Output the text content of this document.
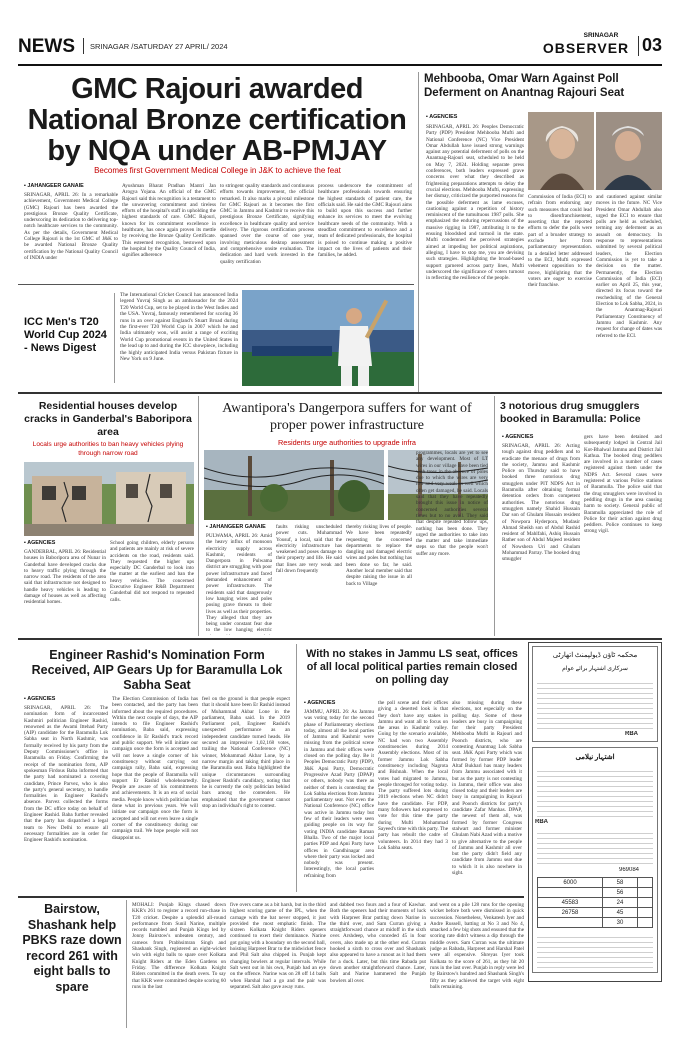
NEWS	SRINAGAR /SATURDAY 27 APRIL/ 2024
SRINAGAR
OBSERVER 03
GMC Rajouri awarded National Bronze certification by NQA under AB-PMJAY
Becomes first Government Medical College in J&K to achieve the feat
▪ JAHANGEER GANAIE
SRINAGAR, APRIL 26: In a remarkable achievement, Government Medical College (GMC) Rajouri has been awarded the prestigious Bronze Quality Certificate, underscoring its dedication to delivering top-notch healthcare services to the community. As per the details, Government Medical College Rajouri is the 1st GMC of J&K to be awarded National Bronze Quality certification by the National Quality Council of INDIA under
Ayushman Bharat Pradhan Mantri Jan Arogya Yojana. An official of the GMC Rajouri said this recognition is a testament to the unwavering commitment and tireless efforts of the hospital's staff in upholding the highest standards of care. GMC Rajouri, known for its commitment excellence in healthcare, has once again proven its mettle by receiving the Bronze Quality Certificate. This esteemed recognition, bestowed upon the hospital by the Quality Council of India, signifies adherence
to stringent quality standards and continuous efforts towards improvement, the official remarked. It also marks a pivotal milestone for GMC Rajouri as it becomes the first GMC in Jammu and Kashmir to receive this prestigious Bronze Certificate, signifying excellence in healthcare quality and service delivery. The rigorous certification process spanned over the course of one year, involving meticulous desktop assessment and comprehensive onsite evaluation. The dedication and hard work invested in the quality certification
process underscore the commitment of healthcare professionals towards ensuring the highest standards of patient care, the officials said. He said the GMC Rajouri aims to build upon this success and further enhance its services to meet the evolving healthcare needs of the community. With a steadfast commitment to excellence and a team of dedicated professionals, the hospital is poised to continue making a positive impact on the lives of patients and their families, he added.
Mehbooba, Omar Warn Against Poll Deferment on Anantnag Rajouri Seat
▪ AGENCIES
SRINAGAR, APRIL 26: Peoples Democratic Party (PDP) President Mehbooba Mufti and National Conference (NC) Vice President Omar Abdullah have issued strong warnings against any potential deferment of polls on the Anantnag-Rajouri seat, scheduled to be held on May 7, 2024. Holding separate press conferences, both leaders expressed grave concerns over what they described as frightening preparations attempts to delay the crucial elections. Mehbooba Mufti, expressing her dismay, criticized the purported reasons for the possible deferment as lame excuses, cautioning against a repetition of history reminiscent of the tumultuous 1987 polls. She emphasized the enduring repercussions of the massive rigging in 1987, attributing it to the ensuing bloodshed and turmoil in the state. Mufti condemned the perceived strategies aimed at impeding her political aspirations, alleging, I have to stop me, you are devising such strategies. Highlighting the broad-based support garnered across party lines, Mufti underscored the significance of voters turnout in reflecting the resilience of the people.
Commission of India (ECI) to refrain from endorsing any such measures that could lead to disenfranchisement, asserting that the reported efforts to defer the polls were part of a broader strategy to exclude her from parliamentary representation. In a detailed letter addressed to the ECI, Mufti expressed vehement opposition to the move, highlighting that the voters are eager to exercise their franchise.
and cautioned against similar moves in the future. NC Vice President Omar Abdullah also urged the ECI to ensure that polls are held as scheduled, terming any deferment as an assault on democracy. In response to representations submitted by several political leaders, the Election Commission is yet to take a decision on the matter. Permanently, the Election Commission of India (ECI) earlier on April 25, this year, directed its focus toward the rescheduling of the General Election to Lok Sabha, 2024, in the Anantnag-Rajouri Parliamentary Constituency of Jammu and Kashmir. Any request for change of dates was referred to the ECI.
ICC Men's T20 World Cup 2024 - News Digest
The International Cricket Council has announced India legend Yuvraj Singh as an ambassador for the 2024 T20 World Cup, set to be played in the West Indies and the USA. Yuvraj, famously remembered for scoring 36 runs in an over against England's Stuart Broad during the first-ever T20 World Cup in 2007 which he and India ultimately won, will assist a range of exciting World Cup promotional events in the United States in the lead up to and during the ICC showpiece, including the highly anticipated India versus Pakistan fixture in New York on 9 June.
Residential houses develop cracks in Ganderbal's Baboripora area
Locals urge authorities to ban heavy vehicles plying through narrow road
▪ AGENCIES
GANDERBAL, APRIL 26: Residential houses in Baboripora area of Nunar in Ganderbal have developed cracks due to heavy traffic plying through the narrow road. The residents of the area said that infrastructure not designed to handle heavy vehicles is leading to damage of houses as well as affecting residential homes.
School going children, elderly persons and patients are mainly at risk of severe accidents on the road, residents said. They requested the higher ups especially DC Ganderbal to look into the matter at the earliest and ban the heavy vehicles. The concerned Executive Engineer R&B Department Ganderbal did not respond to repeated calls.
Awantipora's Dangerpora suffers for want of proper power infrastructure
Residents urge authorities to upgrade infra
▪ JAHANGEER GANAIE
PULWAMA, APRIL 26: Amid the heavy influx of monsoon electricity supply across Kashmir, residents of Dangerpora in Pulwama district are struggling with poor power infrastructure and faced demanded enhancement of power infrastructure. The residents said that dangerously low hanging wires and poles posing grave threats to their lives as well as their properties. They alleged that they are being under constant fear due to the low hanging electric
faults risking unscheduled power cuts. Muhammad Yousuf, a local, said that the electricity infrastructure has weakened and poses damage to their property and life. He said that lines are very weak and fall down frequently
thereby risking lives of people. We have been repeatedly requesting the concerned departments to replace the dangling and damaged electric wires and poles but nothing has been done so far, he said. Another local member said that despite raising the issue in all back to Village
programmes, locals are yet to see any development. Most of LT wires in our village have been tied with trees in the absence of poles due to which the wires are very low and very weak as well which often get damaged, he said. Locals said that they have repeatedly brought this issue in notice of concerned authorities several times but to no avail. They said that despite repeated follow ups, nothing has been done. They urged the authorities to take into the matter and take immediate steps so that the people won't suffer any more.
3 notorious drug smugglers booked in Baramulla: Police
▪ AGENCIES
SRINAGAR, APRIL 26: Acting tough against drug peddlers and to eradicate the menace of drugs from the society, Jammu and Kashmir Police on Thursday said to have booked three notorious drug smugglers under PIT NDPS Act in Baramulla after obtaining formal detention orders from competent authorities. The notorious drug smugglers namely Shahid Hussain Dar son of Ghulam Hussain resident of Nowpora Hyderpora, Mudasir Ahmad Sheikh son of Abdul Rashid resident of Mahlfahi, Ashiq Hussain Rather son of Abdul Majeed resident of Nowshera Uri and Ghulam Mohammad Parray. The booked drug smuggler
gers have been detained and subsequently lodged in Central Jail Kot-Bhalwal Jammu and District Jail Kathua. The booked drug peddlers are involved in a number of cases registered against them under the NDPS Act. Several cases were registered at various Police stations of Baramulla. The police said that the drug smugglers were involved in peddling drugs in the area causing harm to society. General public of Baramulla appreciated the role of Police for their action against drug peddlers. Police continues to keep strong vigil.
Engineer Rashid's Nomination Form Received, AIP Gears Up for Baramulla Lok Sabha Seat
▪ AGENCIES
SRINAGAR, APRIL 26: The nomination form of incarcerated Kashmiri politician Engineer Rashid, renowned as the Awami Ittehad Party (AIP) candidate for the Baramulla Lok Sabha seat in North Kashmir, was formally received by his party from the Deputy Commissioner's office in Baramulla on Friday. Confirming the receipt of the nomination form, AIP spokesman Firdous Baba informed that the party had nominated a covering candidate, Prince Parvez, who is also the party's general secretary, to handle formalities in Engineer Rashid's absence. Parvez collected the forms from the DC office today on behalf of Engineer Rashid. Baba further revealed that the party has dispatched a legal team to New Delhi to ensure all necessary formalities are in order for Engineer Rashid's nomination.
The Election Commission of India has been contacted, and the party has been informed about the required procedures. Within the next couple of days, the AIP intends to file Engineer Rashid's nomination, Baba said, expressing confidence in Er Rashid's track record and public support. We will initiate our campaign once the form is accepted and will not leave a single corner of his constituency without carrying out campaign rally, Baba said, expressing hope that the people of Baramulla will support Er Rashid wholeheartedly. People are aware of his commitments and achievements. It is an era of social media. People know which politician has done what in previous years. We will initiate our campaign once the form is accepted and will not even leave a single corner of the constituency during our campaign trail. We hope people will not disappoint us.
feel on the ground is that people expect that it should have been Er Rashid instead of Muhammad Akbar Lone in the parliament, Baba said. In the 2019 Parliament poll, Engineer Rashid's unexpected performance as an independent candidate turned heads. He secured an impressive 1,02,168 votes, trailing the National Conference (NC) winner, Mohammad Akbar Lone, by a narrow margin and taking third place in the Baramulla seat. Baba highlighted the unique circumstances surrounding Engineer Rashid's candidacy, noting that he is currently the only politician behind bars among the contenders. He emphasized that the government cannot stop an individual's right to contest.
With no stakes in Jammu LS seat, offices of all local political parties remain closed on polling day
▪ AGENCIES
JAMMU, APRIL 26: As Jammu was voting today for the second phase of Parliamentary elections today, almost all the local parties of Jammu and Kashmir were missing from the political scene in Jammu and their offices were closed on the polling day. Be it Peoples Democratic Party (PDP), J&K Apni Party, Democratic Progressive Azad Party (DPAP) or others, nobody was there as neither of them is contesting the Lok Sabha elections from Jammu parliamentary seat. Not even the National Conference (NC) office was active in Jammu today but few of their leaders were seen guiding people on its way for voting INDIA candidate Raman Bhalla. Two of the major local parties PDP and Apni Party have offices in Gandhinagar area where their party was locked and nobody was present. Interestingly, the local parties refraining from
the poll scene and their offices giving a deserted look is that they don't have any stakes in Jammu and want all to focus on the areas in Kashmir valley. Going by the scenario available, NC had won two Assembly constituencies during 2014 Assembly elections. Most of its former Jammu Lok Sabha constituency including Nagrota and Bishnah. When the local votes had migrated to Jammu, people thronged for voting today. The party suffered lots during 2019 elections when NC didn't have the candidate. For PDP, many followers had expressed to vote for this time the party during Mufti Mohammad Sayeed's time with this party. The party has rebuilt the cadre of volunteers. In 2014 they had 3 Lok Sabha seats.
also missing during these elections, not especially on the polling day. Some of these leaders are busy in campaigning for their party President Mehbooba Mufti in Rajouri and Poonch districts, who are contesting Anantnag Lok Sabha seat. J&K Apni Party which was formed by former PDP leader Altaf Bukhari has many leaders from Jammu associated with it but as the party is not contesting in Jammu, their office was also closed today and their leaders are busy in campaigning in Rajouri and Poonch districts for party's candidate Zafar Manhas. DPAP, the newest of them all, was formed by former Congress stalwart and former minister Ghulam Nabi Azad with a motive to give alternative to the people of Jammu and Kashmir all over but the party didn't field any candidate from Jammu seat due to which it is also nowhere in sight.
محکمہ ٹاؤن ڈیولپمنٹ اتھارٹی
سرکاری اشتہار برائے عوام
RBA
اشتہار نیلامی
RBA
969084
6000	58	
	56	
45583	24	
26758	45	
	30	
Bairstow, Shashank help PBKS raze down record 261 with eight balls to spare
MOHALI: Punjab Kings chased down KKR's 261 to register a record run-chase in T20 cricket. Despite a splendid all-round performance from Sunil Narine, multiple records tumbled and Punjab Kings led by Jonny Bairstow's unbeaten century, and cameos from Prabhsimran Singh and Shashank Singh, registered an eight-wicket win with eight balls to spare over Kolkata Knight Riders at the Eden Gardens on Friday. The difference Kolkata Knight Riders committed in the death overs. To say that KKR were committed despite scoring 60 runs in the last
five overs came as a bit harsh, but in the third highest scoring game of the IPL, when the carnage with the bat never stopped, it just provided the most emphatic finish. The sixteen Kolkata Knight Riders openers continued to exert their dominance. Narine got going with a boundary on the second ball, hoisting Harpreet Brar to the midwicket fence and Phil Salt also chipped in. Punjab kept changing bowlers at regular intervals. While Salt went out in his own, Punjab had an eye on the offence. Narine was on 28 off 14 balls when Harshal had a go and the pair was separated. Salt also gave away runs.
and dabbed two fours and a four of Kawhar. Both the openers had their moments of luck with Harpreet Brar putting down Narine in the third over, and Sam Curran giving a straightforward chance at midoff in the sixth over. Arshdeep, who conceded 45 in four overs, also made up at the other end. Curran hooked a sixth to cross over and Shashank also appeared to have a runout as it had them for a duck. Later, but this time Rabada put down another straightforward chance. Later, Salt and Narine hammered the Punjab bowlers all over.
and went on a pile 128 runs for the opening wicket before both were dismissed in quick succession. Nonetheless, Venkatesh Iyer and Andre Russell, batting at No 3 and No 4, smacked a few big shots and ensured that the scoring rate didn't witness a dip through the middle overs. Sam Curran was the ultimate judge as Rabada, Harpreet and Harshal Patel were all expensive. Shreyas Iyer took Kolkata to the score of 261, as they hit 20 runs in the last over. Punjab in reply were led by Bairstow's hundred and Shashank Singh's fifty as they achieved the target with eight balls remaining.
